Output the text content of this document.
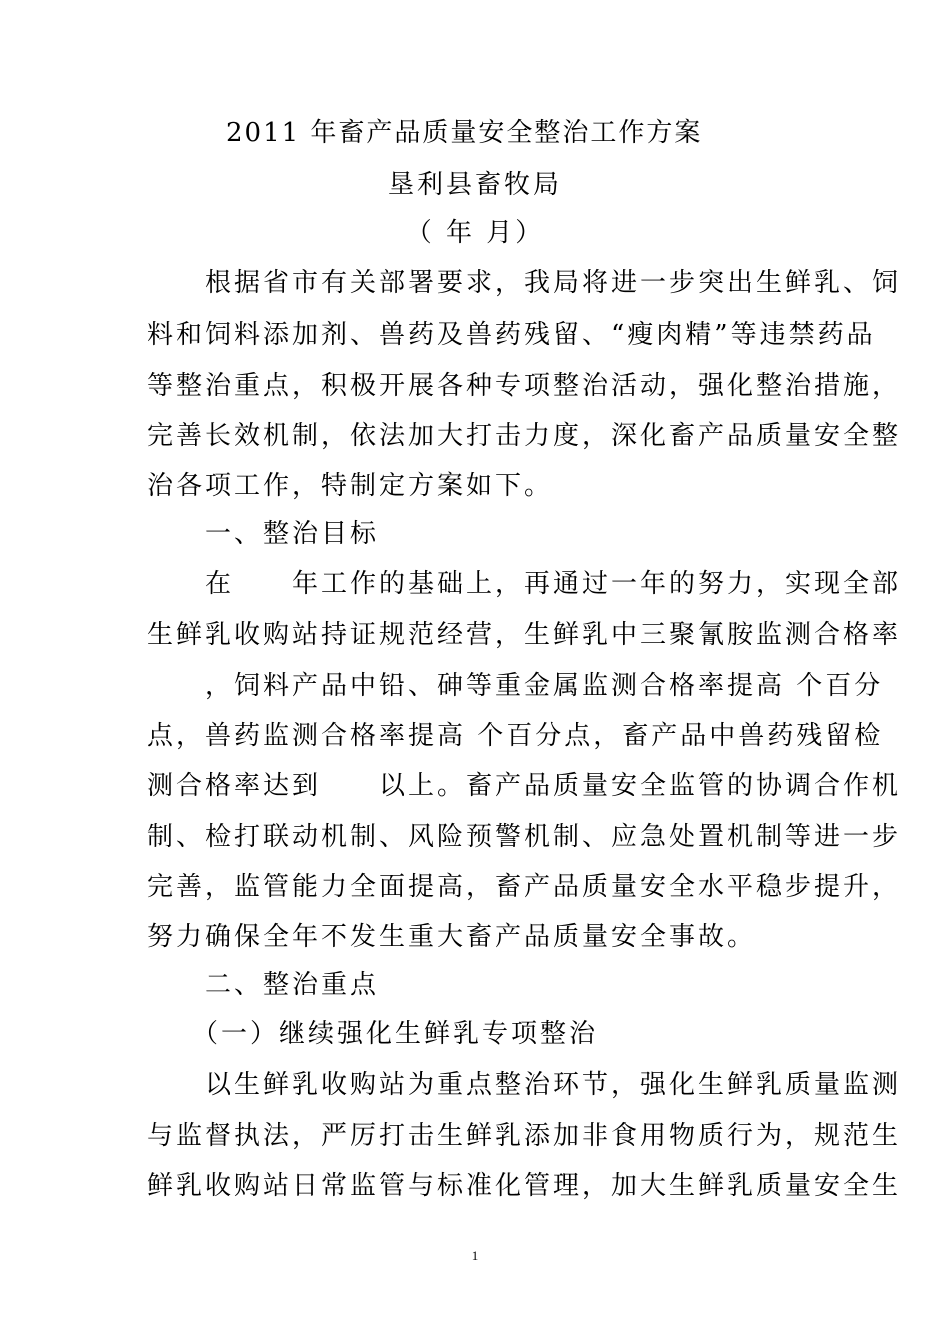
2011 年畜产品质量安全整治工作方案
垦利县畜牧局
（ 年 月）
　　根据省市有关部署要求，我局将进一步突出生鲜乳、饲
料和饲料添加剂、兽药及兽药残留、“瘦肉精”等违禁药品
等整治重点，积极开展各种专项整治活动，强化整治措施，
完善长效机制，依法加大打击力度，深化畜产品质量安全整
治各项工作，特制定方案如下。
　　一、整治目标
　　在　　年工作的基础上，再通过一年的努力，实现全部
生鲜乳收购站持证规范经营，生鲜乳中三聚氰胺监测合格率
　　，饲料产品中铅、砷等重金属监测合格率提高 个百分
点，兽药监测合格率提高 个百分点，畜产品中兽药残留检
测合格率达到　　以上。畜产品质量安全监管的协调合作机
制、检打联动机制、风险预警机制、应急处置机制等进一步
完善，监管能力全面提高，畜产品质量安全水平稳步提升，
努力确保全年不发生重大畜产品质量安全事故。
　　二、整治重点
　　（一）继续强化生鲜乳专项整治
　　以生鲜乳收购站为重点整治环节，强化生鲜乳质量监测
与监督执法，严厉打击生鲜乳添加非食用物质行为，规范生
鲜乳收购站日常监管与标准化管理，加大生鲜乳质量安全生
1
